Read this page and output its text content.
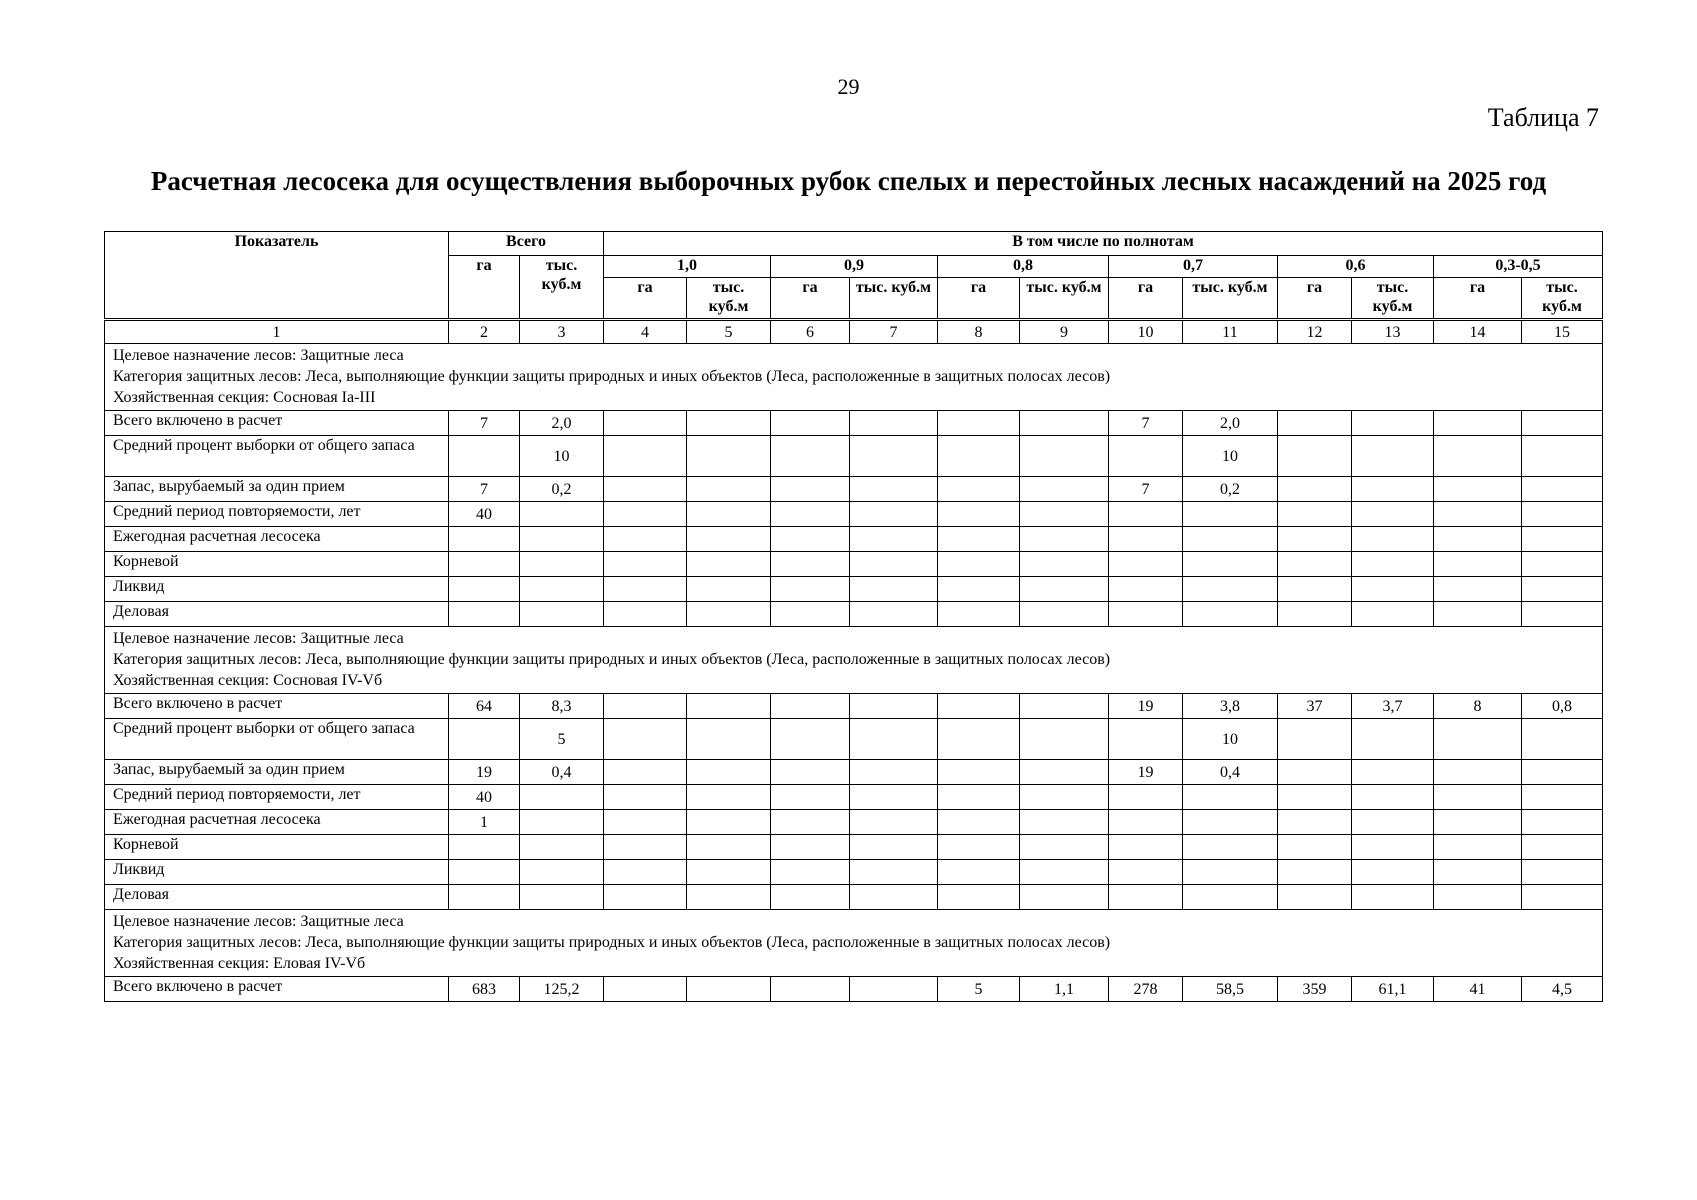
29
Таблица 7
Расчетная лесосека для осуществления выборочных рубок спелых и перестойных лесных насаждений на 2025 год
Показатель	Всего		В том числе по полнотам											
	га	тыс. куб.м	1,0		0,9		0,8		0,7		0,6		0,3-0,5	
			га	тыс. куб.м	га	тыс. куб.м	га	тыс. куб.м	га	тыс. куб.м	га	тыс. куб.м	га	тыс. куб.м
1	2	3	4	5	6	7	8	9	10	11	12	13	14	15

Целевое назначение лесов: Защитные леса
Категория защитных лесов: Леса, выполняющие функции защиты природных и иных объектов (Леса, расположенные в защитных полосах лесов)
Хозяйственная секция: Сосновая Ia-III														

Всего включено в расчет	7	2,0							7	2,0				
Средний процент выборки от общего запаса		10								10				
Запас, вырубаемый за один прием	7	0,2							7	0,2				
Средний период повторяемости, лет	40													
Ежегодная расчетная лесосека														
Корневой														
Ликвид														
Деловая														

Целевое назначение лесов: Защитные леса
Категория защитных лесов: Леса, выполняющие функции защиты природных и иных объектов (Леса, расположенные в защитных полосах лесов)
Хозяйственная секция: Сосновая IV-Vб														

Всего включено в расчет	64	8,3							19	3,8	37	3,7	8	0,8
Средний процент выборки от общего запаса		5								10				
Запас, вырубаемый за один прием	19	0,4							19	0,4				
Средний период повторяемости, лет	40													
Ежегодная расчетная лесосека	1													
Корневой														
Ликвид														
Деловая														

Целевое назначение лесов: Защитные леса
Категория защитных лесов: Леса, выполняющие функции защиты природных и иных объектов (Леса, расположенные в защитных полосах лесов)
Хозяйственная секция: Еловая IV-Vб														

Всего включено в расчет	683	125,2					5	1,1	278	58,5	359	61,1	41	4,5
